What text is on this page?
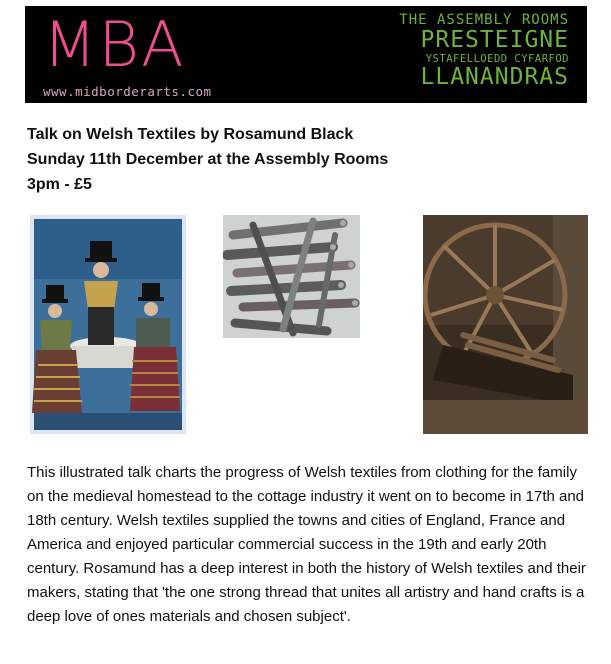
MBA
www.midborderarts.com
THE ASSEMBLY ROOMS
PRESTEIGNE
YSTAFELLOEDD CYFARFOD
LLANANDRAS
Talk on Welsh Textiles by Rosamund Black
Sunday 11th December at the Assembly Rooms
3pm - £5
This illustrated talk charts the progress of Welsh textiles from clothing for the family on the medieval homestead to the cottage industry it went on to become in 17th and 18th century. Welsh textiles supplied the towns and cities of England, France and America and enjoyed particular commercial success in the 19th and early 20th century. Rosamund has a deep interest in both the history of Welsh textiles and their makers, stating that 'the one strong thread that unites all artistry and hand crafts is a deep love of ones materials and chosen subject'.
